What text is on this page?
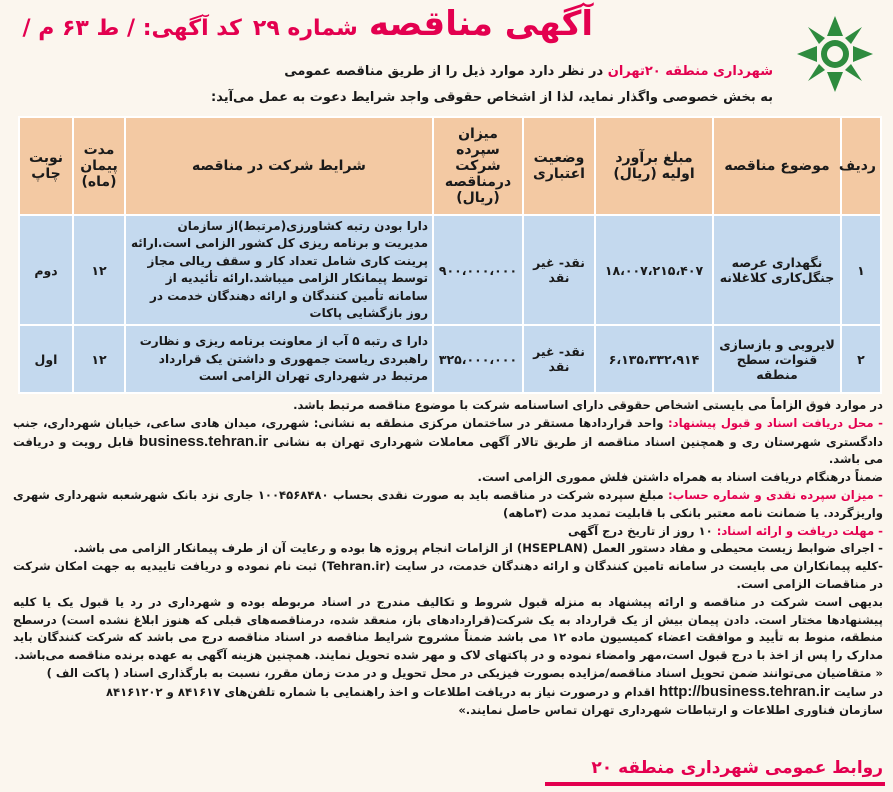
آگهی مناقصه شماره ۲۹ کد آگهی: / ط ۶۳ م /
شهرداری منطقه ۲۰تهران در نظر دارد موارد ذیل را از طریق مناقصه عمومی
به بخش خصوصی واگذار نماید، لذا از اشخاص حقوقی واجد شرایط دعوت به عمل می‌آید:
ردیف	موضوع مناقصه	مبلغ برآورد اولیه (ریال)	وضعیت اعتباری	میزان سپرده شرکت درمناقصه (ریال)	شرایط شرکت در مناقصه	مدت پیمان (ماه)	نوبت چاپ
۱	نگهداری عرصه جنگل‌کاری کلاغلانه	۱۸،۰۰۷،۲۱۵،۴۰۷	نقد- غیر نقد	۹۰۰،۰۰۰،۰۰۰	دارا بودن رتبه کشاورزی(مرتبط)از سازمان مدیریت و برنامه ریزی کل کشور الزامی است.ارائه پرینت کاری شامل تعداد کار و سقف ریالی مجاز توسط پیمانکار الزامی میباشد.ارائه تأئیدیه از سامانه تأمین کنندگان و ارائه دهندگان خدمت در روز بازگشایی پاکات	۱۲	دوم
۲	لایروبی و بازسازی قنوات، سطح منطقه	۶،۱۳۵،۳۳۲،۹۱۴	نقد- غیر نقد	۳۲۵،۰۰۰،۰۰۰	دارا ی رتبه ۵ آب از معاونت برنامه ریزی و نظارت راهبردی ریاست جمهوری و داشتن یک قرارداد مرتبط در شهرداری تهران الزامی است	۱۲	اول

در موارد فوق الزاماً می بایستی اشخاص حقوقی دارای اساسنامه شرکت با موضوع مناقصه مرتبط باشد.

- محل دریافت اسناد و قبول پیشنهاد: واحد قراردادها مستقر در ساختمان مرکزی منطقه به نشانی: شهرری، میدان هادی ساعی، خیابان شهرداری، جنب دادگستری شهرستان ری و همچنین اسناد مناقصه از طریق تالار آگهی معاملات شهرداری تهران به نشانی business.tehran.ir قابل رویت و دریافت می باشد.

ضمناً درهنگام دریافت اسناد به همراه داشتن فلش مموری الزامی است.

- میزان سپرده نقدی و شماره حساب: مبلغ سپرده شرکت در مناقصه باید به صورت نقدی بحساب ۱۰۰۴۵۶۸۴۸۰ جاری نزد بانک شهرشعبه شهرداری شهری واریزگردد. یا ضمانت نامه معتبر بانکی با قابلیت تمدید مدت (۳ماهه)

- مهلت دریافت و ارائه اسناد: ۱۰ روز از تاریخ درج آگهی

- اجرای ضوابط زیست محیطی و مفاد دستور العمل (HSEPLAN) از الزامات انجام پروژه ها بوده و رعایت آن از طرف پیمانکار الزامی می باشد.

-کلیه پیمانکاران می بایست در سامانه تامین کنندگان و ارائه دهندگان خدمت، در سایت (Tehran.ir) ثبت نام نموده و دریافت تاییدیه به جهت امکان شرکت در مناقصات الزامی است.

بدیهی است شرکت در مناقصه و ارائه پیشنهاد به منزله قبول شروط و تکالیف مندرج در اسناد مربوطه بوده و شهرداری در رد یا قبول یک یا کلیه پیشنهادها مختار است. دادن پیمان بیش از یک قرارداد به یک شرکت(قراردادهای باز، منعقد شده، درمناقصه‌های قبلی که هنوز ابلاغ نشده است) درسطح منطقه، منوط به تأیید و موافقت اعضاء کمیسیون ماده ۱۲ می باشد ضمناً مشروح شرایط مناقصه در اسناد مناقصه درج می باشد که شرکت کنندگان باید مدارک را پس از اخذ با درج قبول است،مهر وامضاء نموده و در پاکتهای لاک و مهر شده تحویل نمایند. همچنین هزینه آگهی به عهده برنده مناقصه می‌باشد.

« متقاضیان می‌توانند ضمن تحویل اسناد مناقصه/مزایده بصورت فیزیکی در محل تحویل و در مدت زمان مقرر، نسبت به بارگذاری اسناد ( پاکت الف )

در سایت http://business.tehran.ir اقدام و درصورت نیاز به دریافت اطلاعات و اخذ راهنمایی با شماره تلفن‌های ۸۴۱۶۱۷ و ۸۴۱۶۱۲۰۲

سازمان فناوری اطلاعات و ارتباطات شهرداری تهران تماس حاصل نمایند.»

روابط عمومی شهرداری منطقه ۲۰
